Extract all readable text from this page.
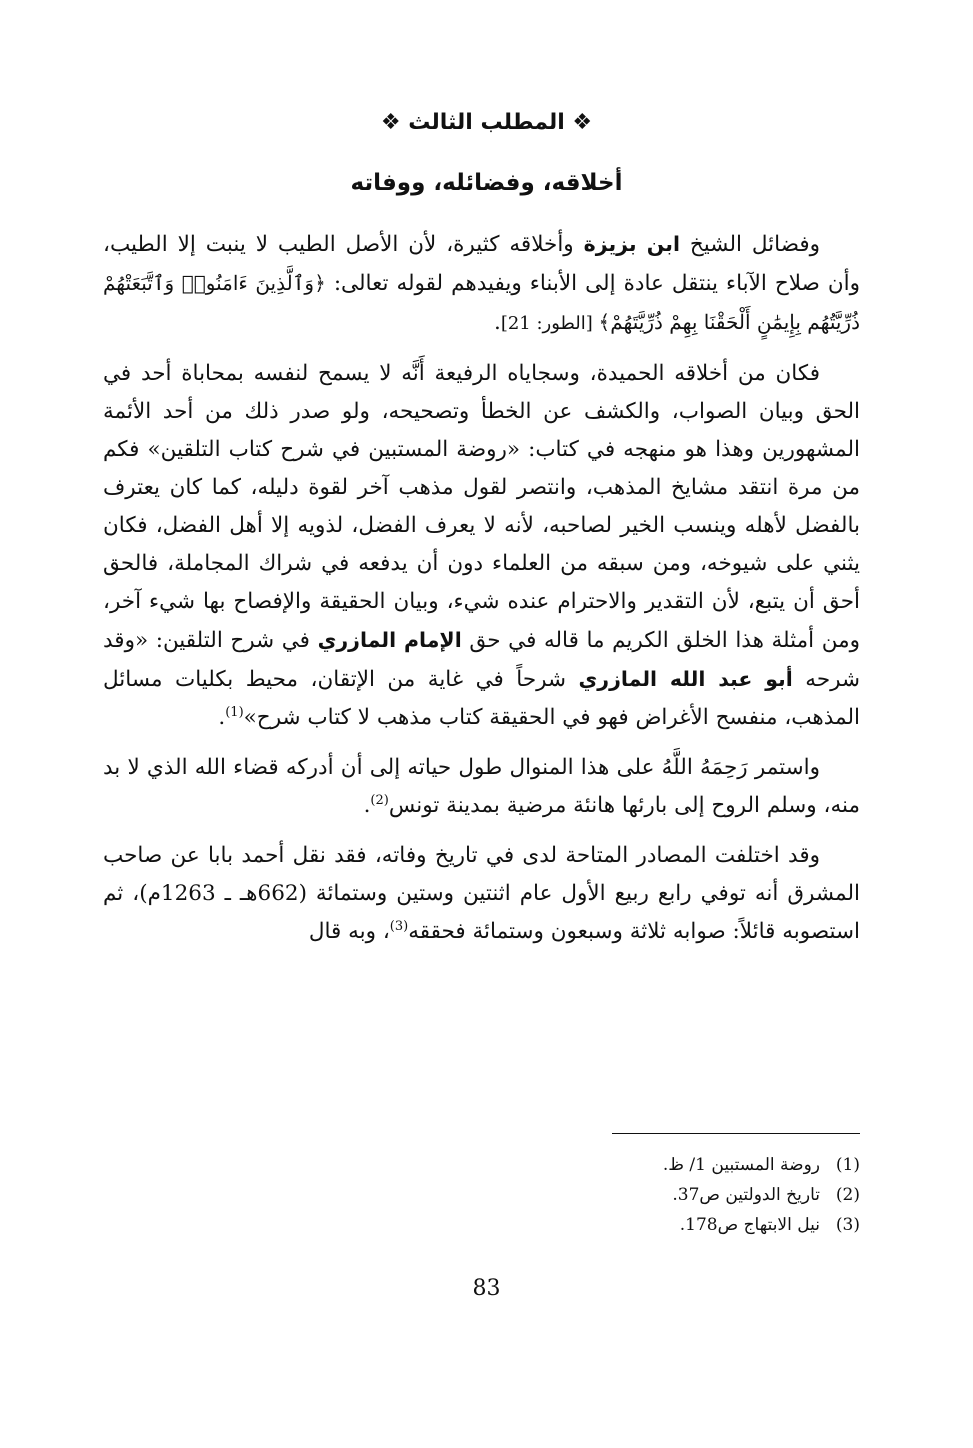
❖ المطلب الثالث ❖
أخلاقه، وفضائله، ووفاته

وفضائل الشيخ ابن بزيزة وأخلاقه كثيرة، لأن الأصل الطيب لا ينبت إلا الطيب، وأن صلاح الآباء ينتقل عادة إلى الأبناء ويفيدهم لقوله تعالى: ﴿وَٱلَّذِينَ ءَامَنُوا۟ وَٱتَّبَعَتْهُمْ ذُرِّيَّتُهُم بِإِيمَٰنٍ أَلْحَقْنَا بِهِمْ ذُرِّيَّتَهُمْ﴾ [الطور: 21].

فكان من أخلاقه الحميدة، وسجاياه الرفيعة أَنَّه لا يسمح لنفسه بمحاباة أحد في الحق وبيان الصواب، والكشف عن الخطأ وتصحيحه، ولو صدر ذلك من أحد الأئمة المشهورين وهذا هو منهجه في كتاب: «روضة المستبين في شرح كتاب التلقين» فكم من مرة انتقد مشايخ المذهب، وانتصر لقول مذهب آخر لقوة دليله، كما كان يعترف بالفضل لأهله وينسب الخير لصاحبه، لأنه لا يعرف الفضل، لذويه إلا أهل الفضل، فكان يثني على شيوخه، ومن سبقه من العلماء دون أن يدفعه في شراك المجاملة، فالحق أحق أن يتبع، لأن التقدير والاحترام عنده شيء، وبيان الحقيقة والإفصاح بها شيء آخر، ومن أمثلة هذا الخلق الكريم ما قاله في حق الإمام المازري في شرح التلقين: «وقد شرحه أبو عبد الله المازري شرحاً في غاية من الإتقان، محيط بكليات مسائل المذهب، منفسح الأغراض فهو في الحقيقة كتاب مذهب لا كتاب شرح»$^{(1)}$.

واستمر رَحِمَهُ اللَّهُ على هذا المنوال طول حياته إلى أن أدركه قضاء الله الذي لا بد منه، وسلم الروح إلى بارئها هانئة مرضية بمدينة تونس$^{(2)}$.

وقد اختلفت المصادر المتاحة لدى في تاريخ وفاته، فقد نقل أحمد بابا عن صاحب المشرق أنه توفي رابع ربيع الأول عام اثنتين وستين وستمائة (662هـ ـ 1263م)، ثم استصوبه قائلاً: صوابه ثلاثة وسبعون وستمائة فحققه$^{(3)}$، وبه قال

(1)روضة المستبين 1/ ظ.
(2)تاريخ الدولتين ص37.
(3)نيل الابتهاج ص178.
83
